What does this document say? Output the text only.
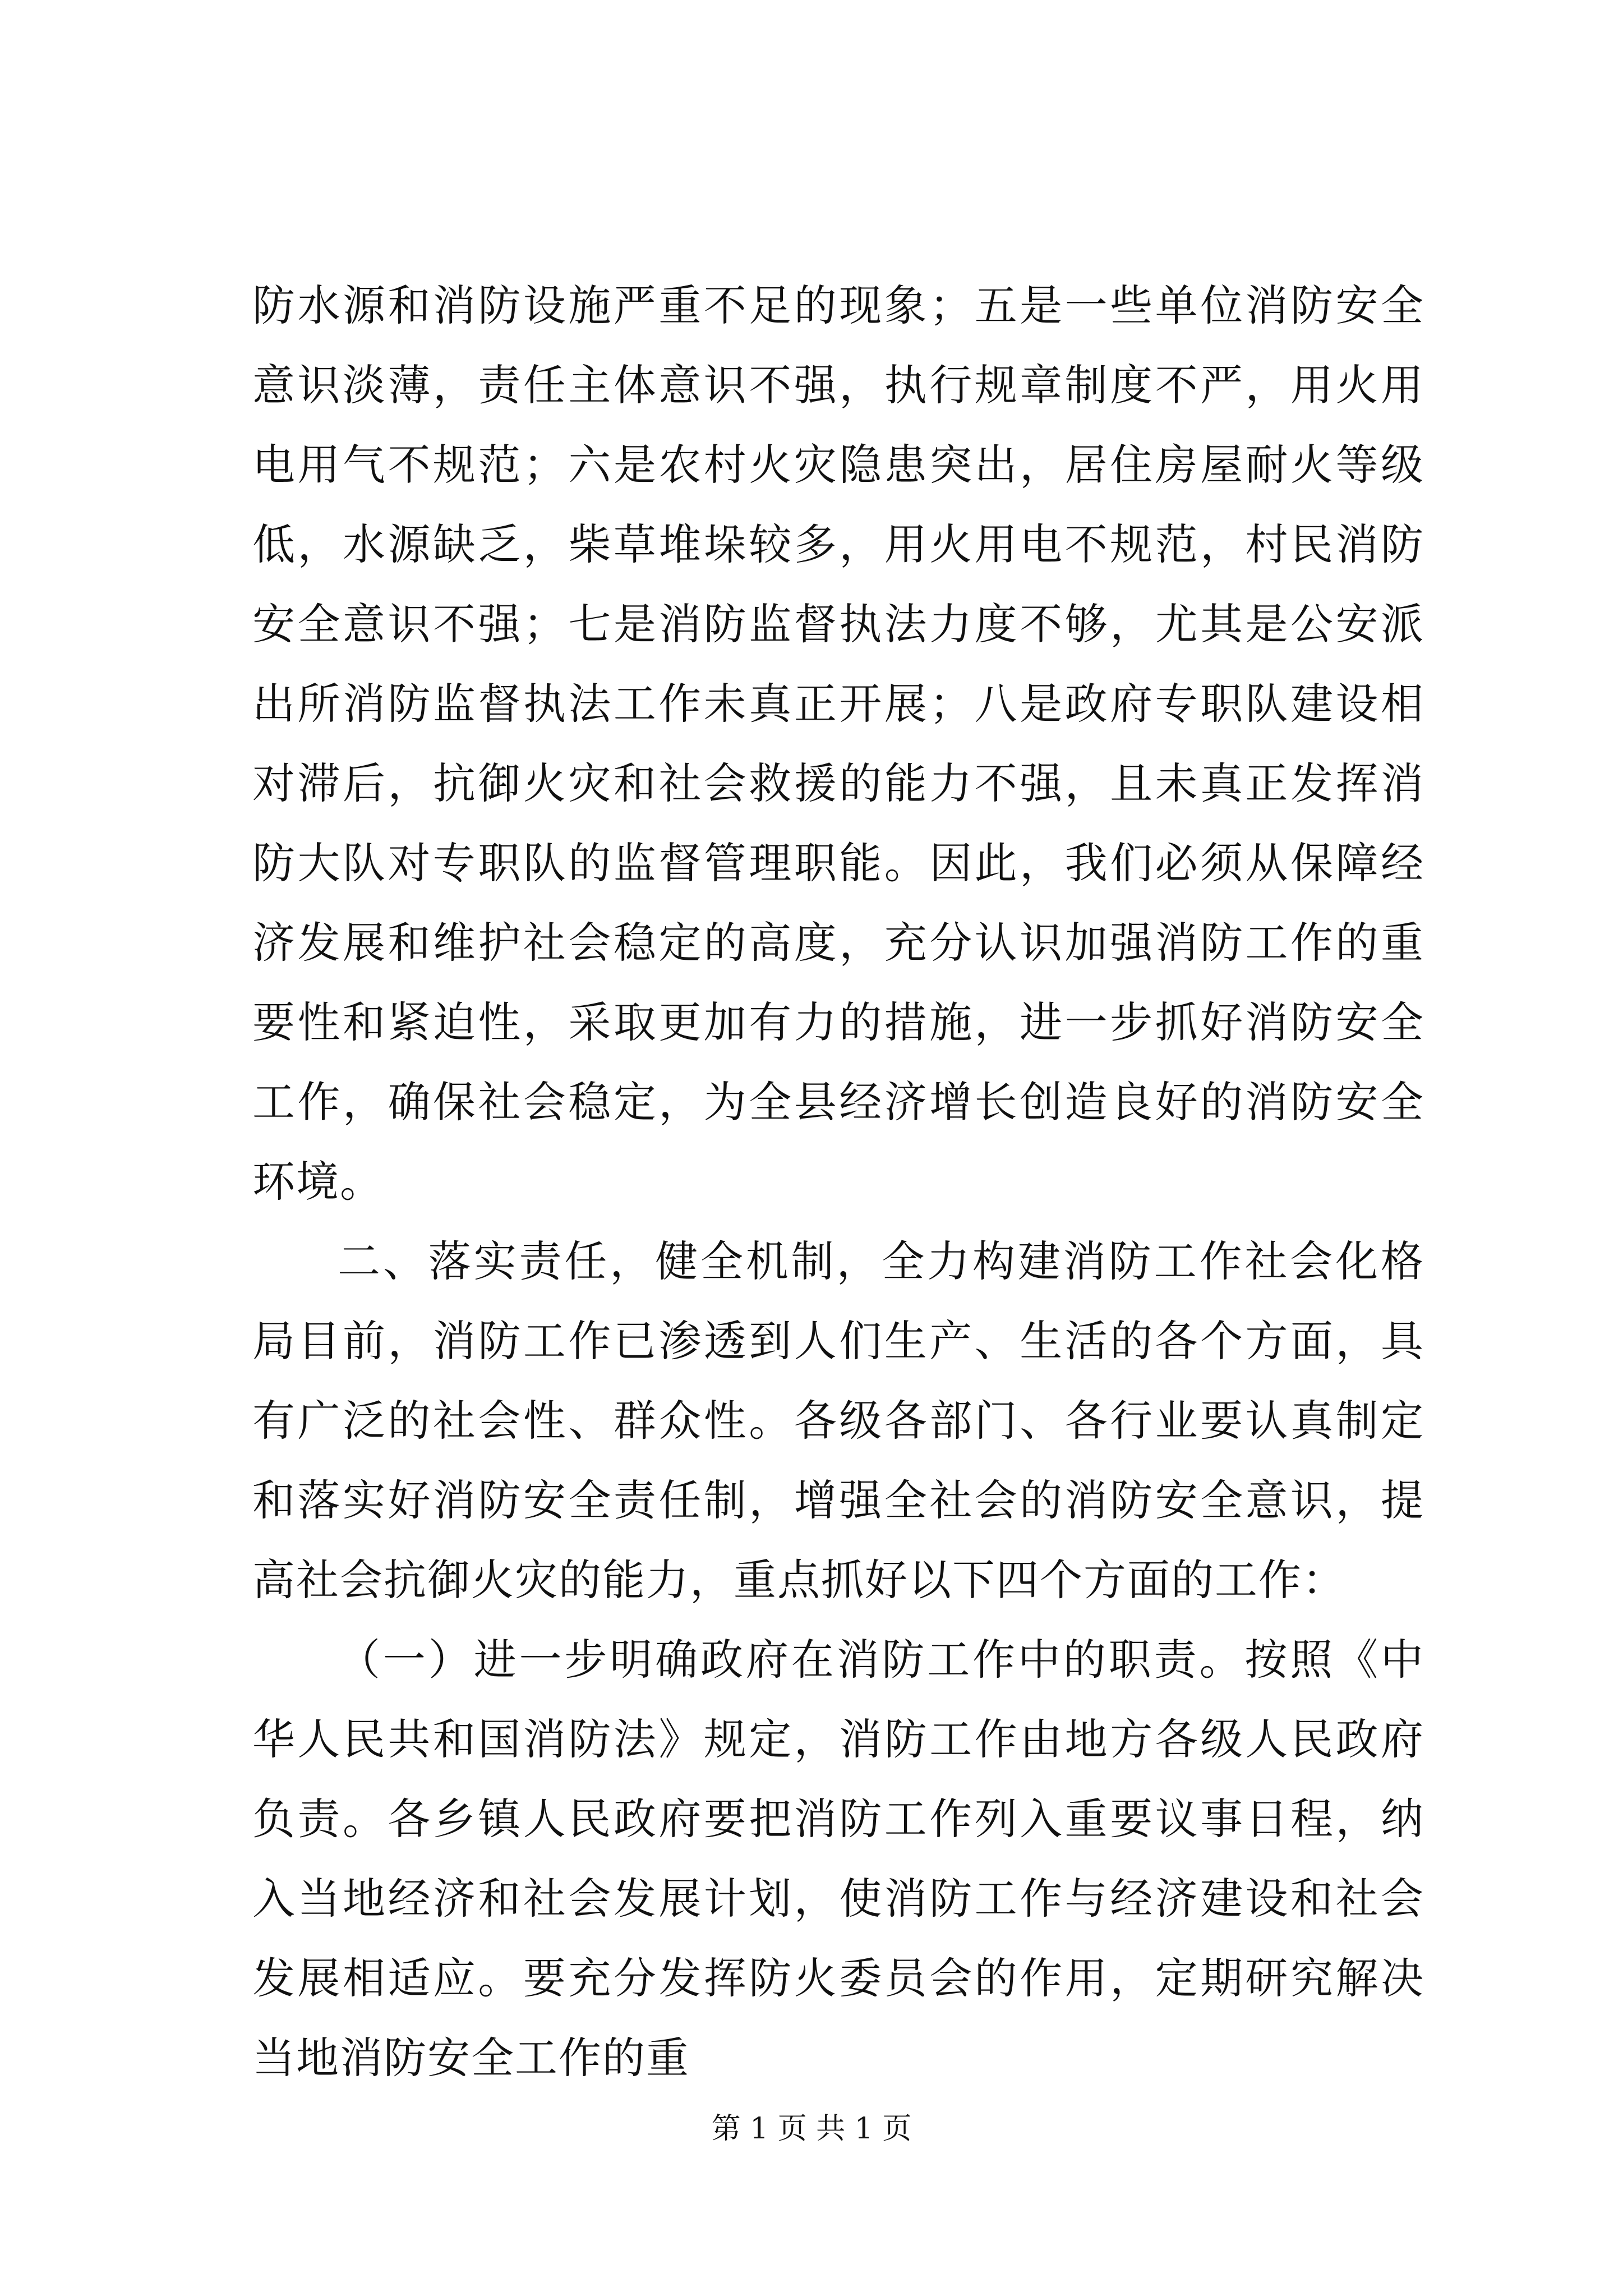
防水源和消防设施严重不足的现象；五是一些单位消防安全意识淡薄，责任主体意识不强，执行规章制度不严，用火用电用气不规范；六是农村火灾隐患突出，居住房屋耐火等级低，水源缺乏，柴草堆垛较多，用火用电不规范，村民消防安全意识不强；七是消防监督执法力度不够，尤其是公安派出所消防监督执法工作未真正开展；八是政府专职队建设相对滞后，抗御火灾和社会救援的能力不强，且未真正发挥消防大队对专职队的监督管理职能。因此，我们必须从保障经济发展和维护社会稳定的高度，充分认识加强消防工作的重要性和紧迫性，采取更加有力的措施，进一步抓好消防安全工作，确保社会稳定，为全县经济增长创造良好的消防安全环境。

二、落实责任，健全机制，全力构建消防工作社会化格局目前，消防工作已渗透到人们生产、生活的各个方面，具有广泛的社会性、群众性。各级各部门、各行业要认真制定和落实好消防安全责任制，增强全社会的消防安全意识，提高社会抗御火灾的能力，重点抓好以下四个方面的工作：

（一）进一步明确政府在消防工作中的职责。按照《中华人民共和国消防法》规定，消防工作由地方各级人民政府负责。各乡镇人民政府要把消防工作列入重要议事日程，纳入当地经济和社会发展计划，使消防工作与经济建设和社会发展相适应。要充分发挥防火委员会的作用，定期研究解决当地消防安全工作的重

第 1 页 共 1 页
